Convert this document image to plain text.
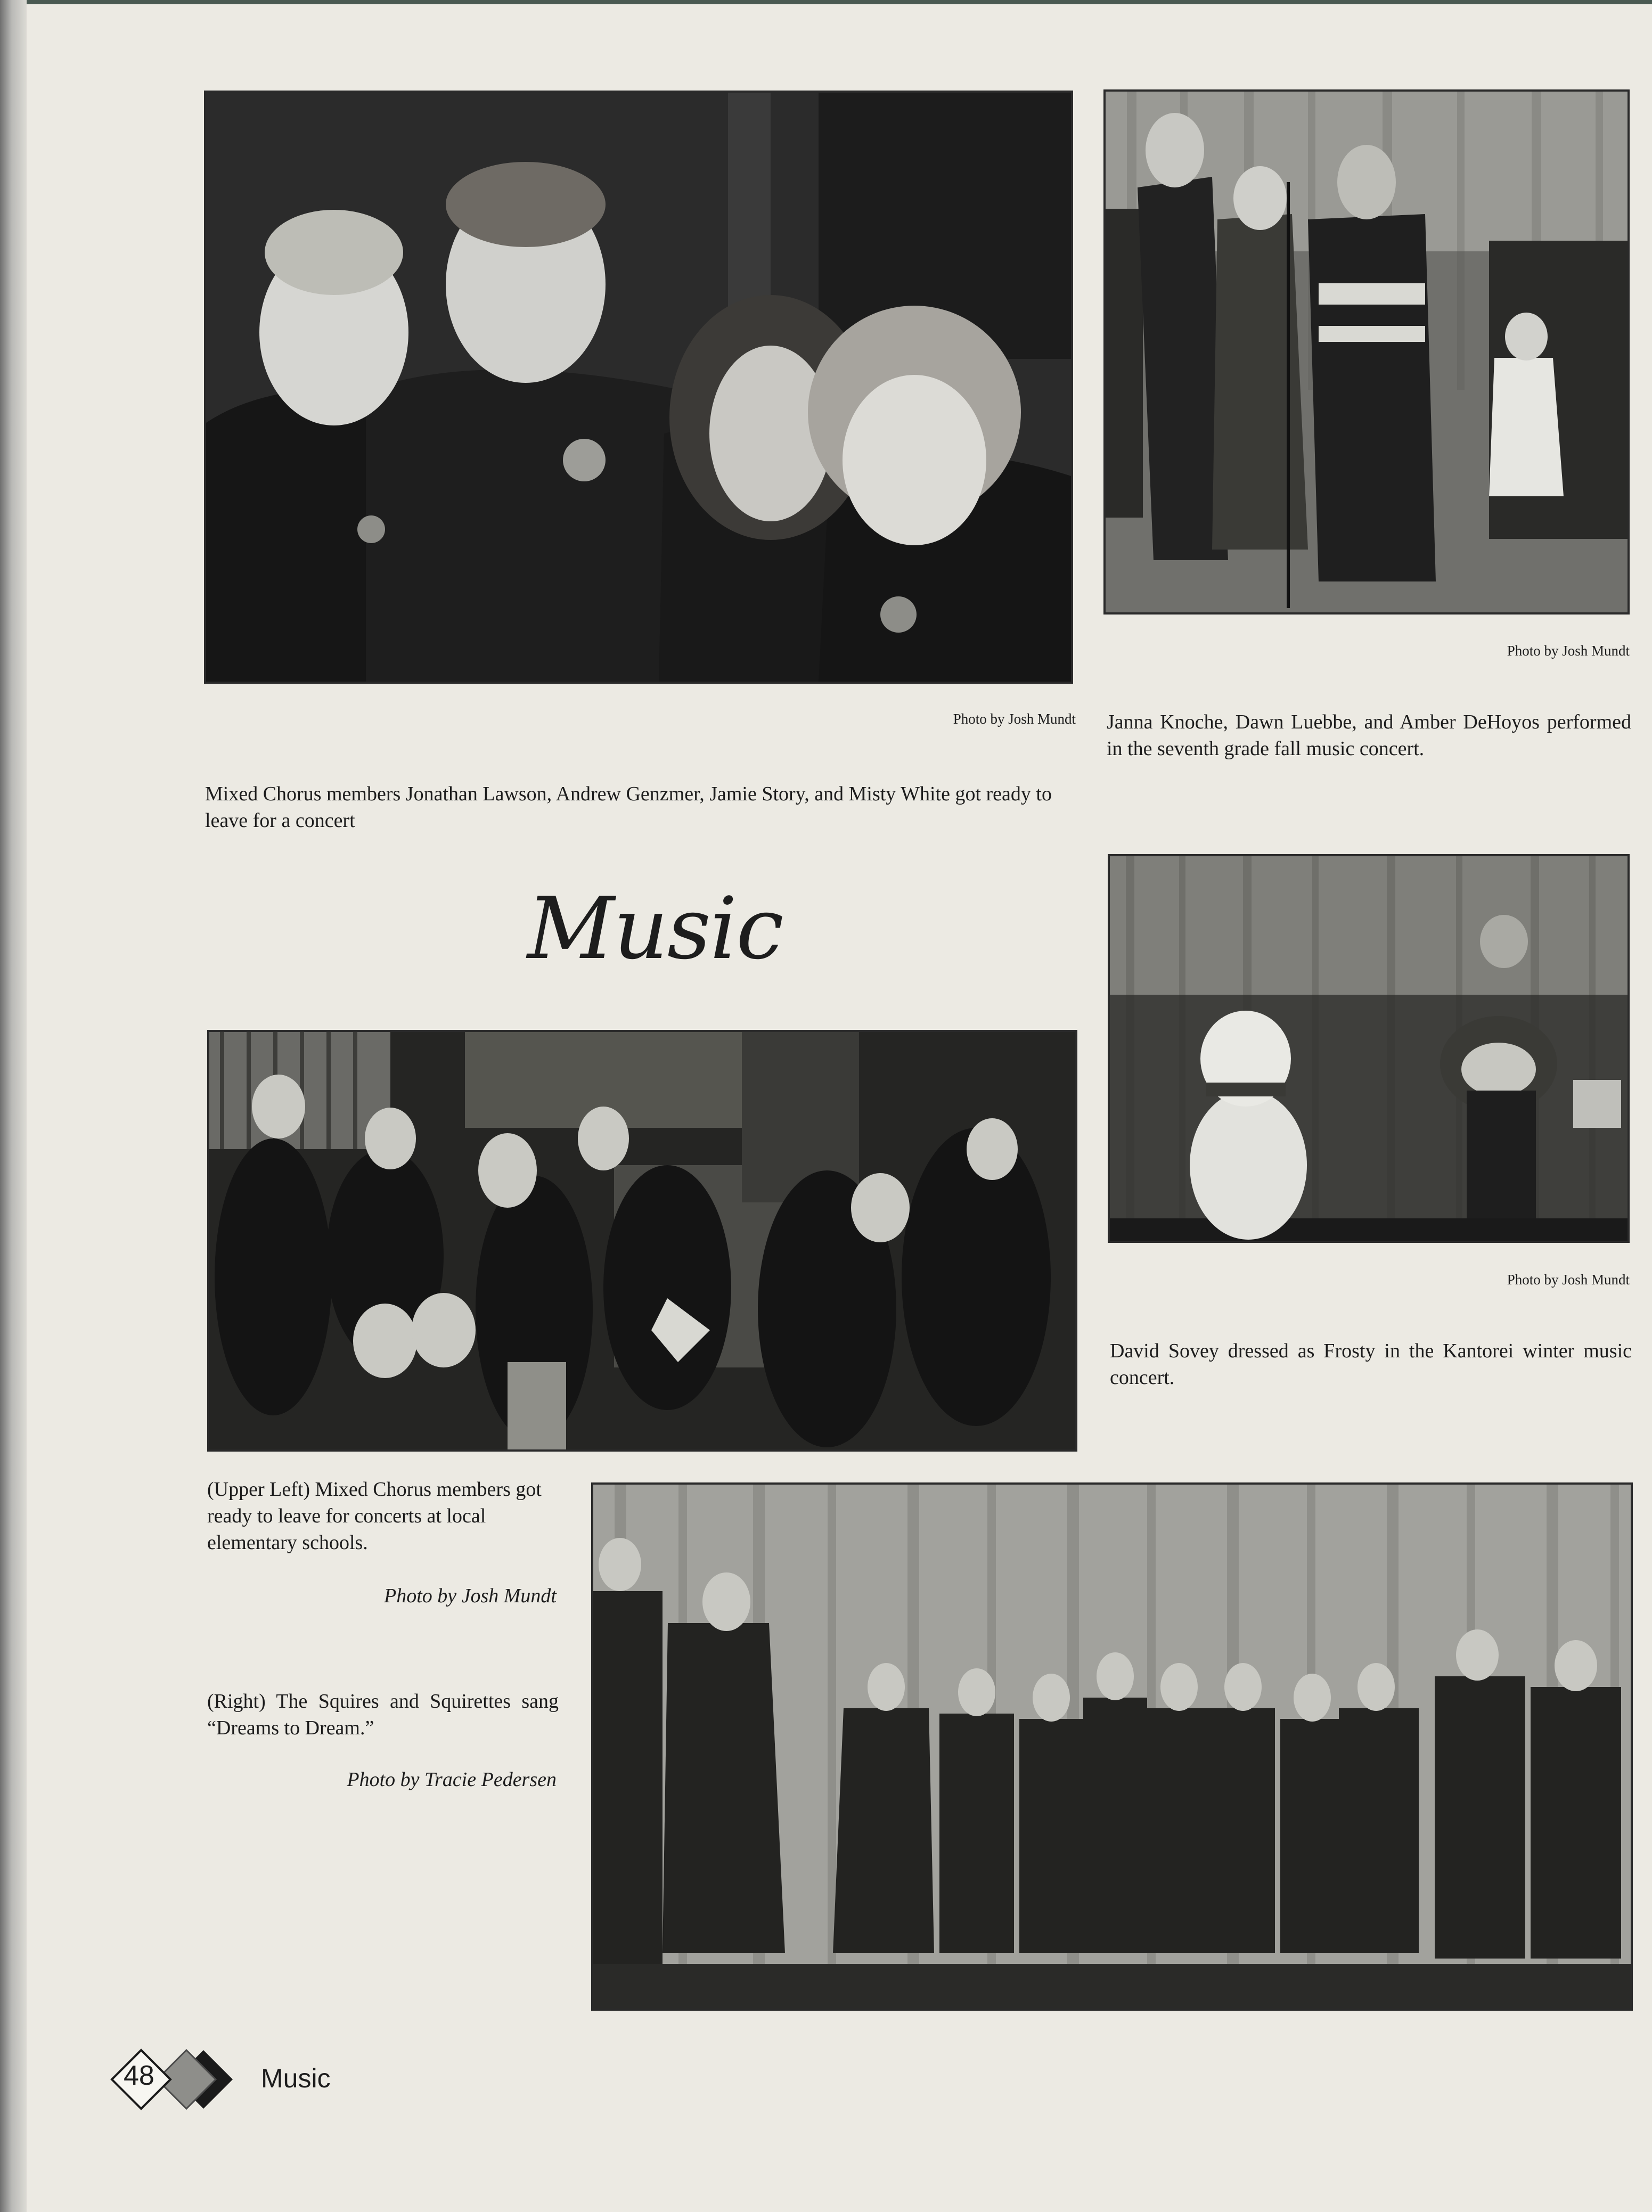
Photo by Josh Mundt
Mixed Chorus members Jonathan Lawson, Andrew Genzmer, Jamie Story, and Misty White got ready to leave for a concert
Photo by Josh Mundt
Janna Knoche, Dawn Luebbe, and Amber DeHoyos performed in the seventh grade fall music concert.
Music
Photo by Josh Mundt
David Sovey dressed as Frosty in the Kantorei winter music concert.
(Upper Left) Mixed Chorus members got ready to leave for concerts at local elementary schools.
Photo by Josh Mundt
(Right) The Squires and Squirettes sang “Dreams to Dream.”
Photo by Tracie Pedersen
48	Music
